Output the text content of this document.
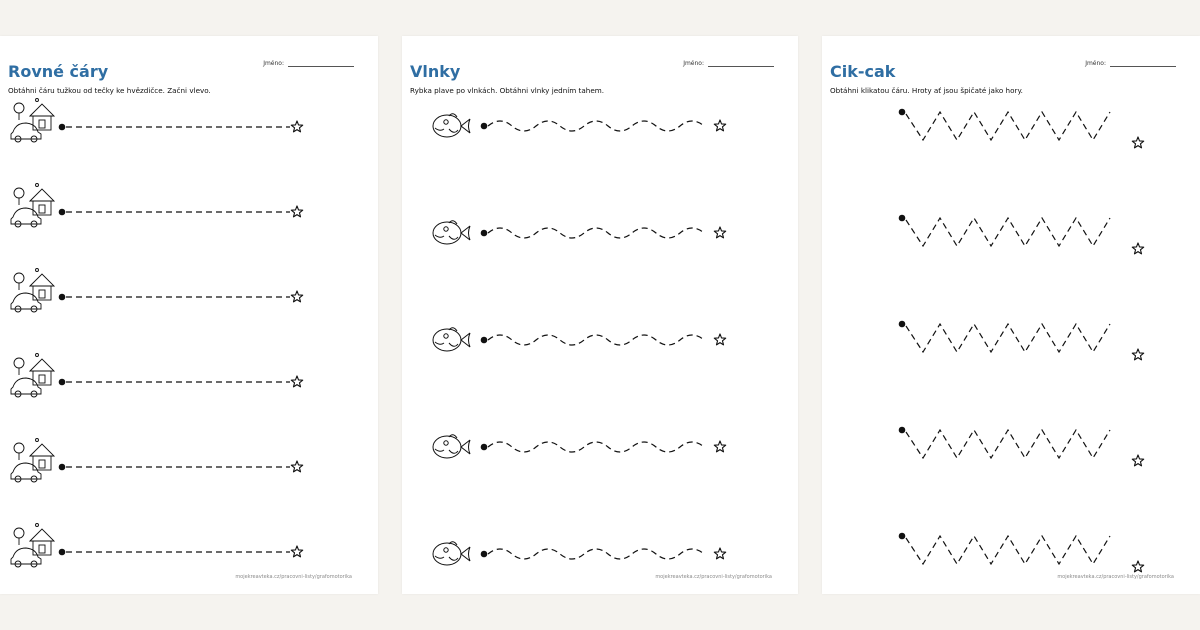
Rovné čáry	Jméno:
Obtáhni čáru tužkou od tečky ke hvězdičce. Začni vlevo.
mojekreavteka.cz/pracovni-listy/grafomotorika
Vlnky	Jméno:
Rybka plave po vlnkách. Obtáhni vlnky jedním tahem.
mojekreavteka.cz/pracovni-listy/grafomotorika
Cik-cak	Jméno:
Obtáhni klikatou čáru. Hroty ať jsou špičaté jako hory.
mojekreavteka.cz/pracovni-listy/grafomotorika
